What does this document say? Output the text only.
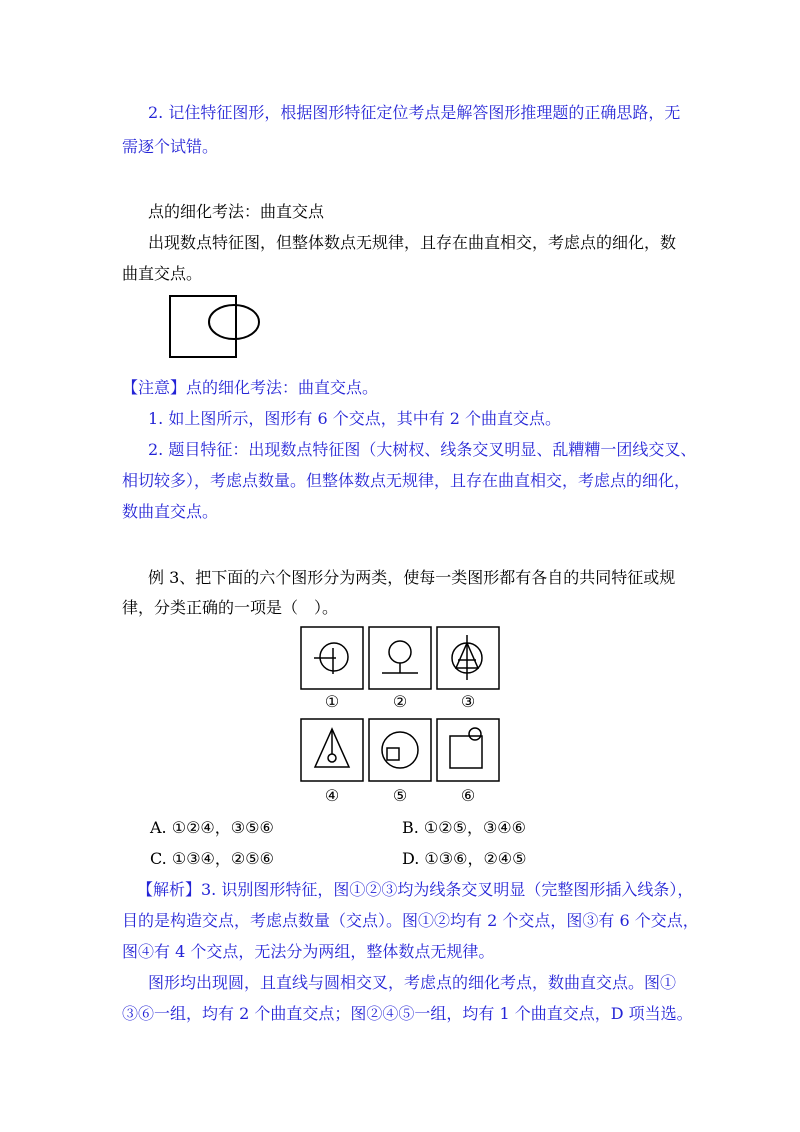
2. 记住特征图形，根据图形特征定位考点是解答图形推理题的正确思路，无
需逐个试错。
点的细化考法：曲直交点
出现数点特征图，但整体数点无规律，且存在曲直相交，考虑点的细化，数
曲直交点。
【注意】点的细化考法：曲直交点。
1. 如上图所示，图形有 6 个交点，其中有 2 个曲直交点。
2. 题目特征：出现数点特征图（大树杈、线条交叉明显、乱糟糟一团线交叉、
相切较多），考虑点数量。但整体数点无规律，且存在曲直相交，考虑点的细化，
数曲直交点。
例 3、把下面的六个图形分为两类，使每一类图形都有各自的共同特征或规
律，分类正确的一项是（　）。
①	②	③
④	⑤	⑥
A. ①②④，③⑤⑥	B. ①②⑤，③④⑥
C. ①③④，②⑤⑥	D. ①③⑥，②④⑤
【解析】3. 识别图形特征，图①②③均为线条交叉明显（完整图形插入线条），
目的是构造交点，考虑点数量（交点）。图①②均有 2 个交点，图③有 6 个交点，
图④有 4 个交点，无法分为两组，整体数点无规律。
图形均出现圆，且直线与圆相交叉，考虑点的细化考点，数曲直交点。图①
③⑥一组，均有 2 个曲直交点；图②④⑤一组，均有 1 个曲直交点，D 项当选。
